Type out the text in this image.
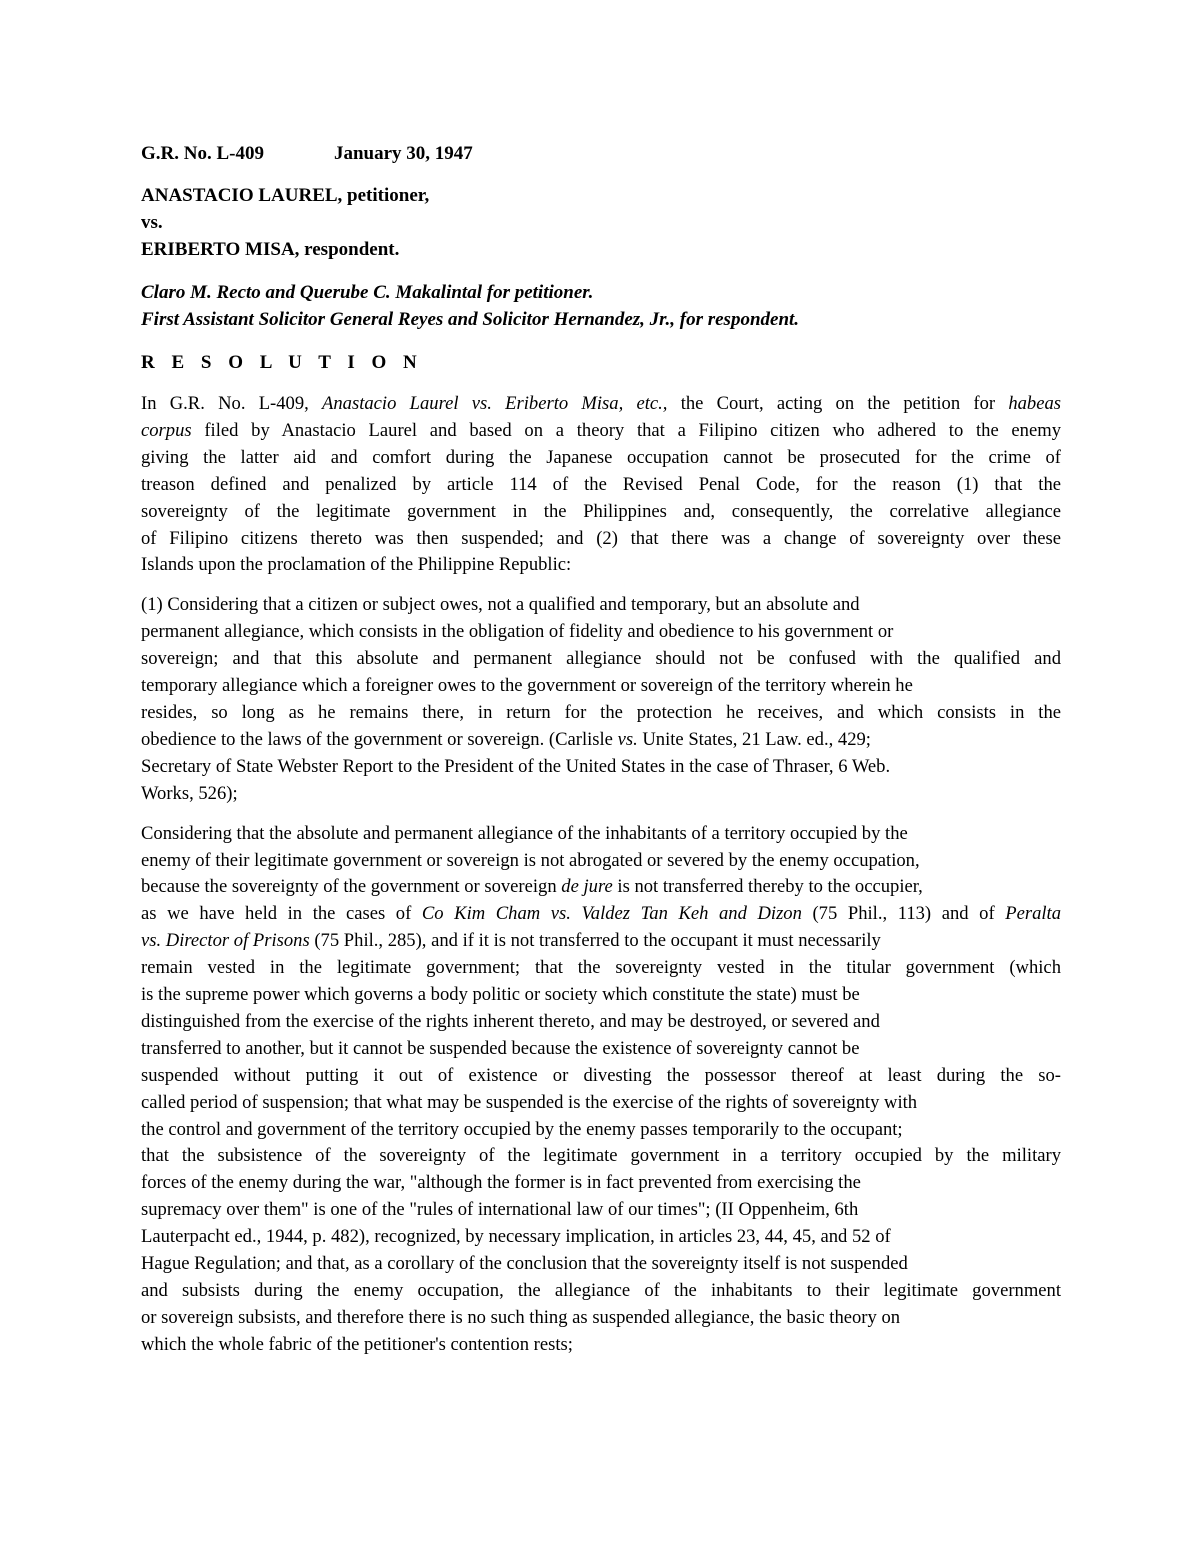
G.R. No. L-409	January 30, 1947
ANASTACIO LAUREL, petitioner,
vs.
ERIBERTO MISA, respondent.
Claro M. Recto and Querube C. Makalintal for petitioner.
First Assistant Solicitor General Reyes and Solicitor Hernandez, Jr., for respondent.
R E S O L U T I O N
In G.R. No. L-409, Anastacio Laurel vs. Eriberto Misa, etc., the Court, acting on the petition for habeas
corpus filed by Anastacio Laurel and based on a theory that a Filipino citizen who adhered to the enemy
giving the latter aid and comfort during the Japanese occupation cannot be prosecuted for the crime of
treason defined and penalized by article 114 of the Revised Penal Code, for the reason (1) that the
sovereignty of the legitimate government in the Philippines and, consequently, the correlative allegiance
of Filipino citizens thereto was then suspended; and (2) that there was a change of sovereignty over these
Islands upon the proclamation of the Philippine Republic:
(1) Considering that a citizen or subject owes, not a qualified and temporary, but an absolute and
permanent allegiance, which consists in the obligation of fidelity and obedience to his government or
sovereign; and that this absolute and permanent allegiance should not be confused with the qualified and
temporary allegiance which a foreigner owes to the government or sovereign of the territory wherein he
resides, so long as he remains there, in return for the protection he receives, and which consists in the
obedience to the laws of the government or sovereign. (Carlisle vs. Unite States, 21 Law. ed., 429;
Secretary of State Webster Report to the President of the United States in the case of Thraser, 6 Web.
Works, 526);
Considering that the absolute and permanent allegiance of the inhabitants of a territory occupied by the
enemy of their legitimate government or sovereign is not abrogated or severed by the enemy occupation,
because the sovereignty of the government or sovereign de jure is not transferred thereby to the occupier,
as we have held in the cases of Co Kim Cham vs. Valdez Tan Keh and Dizon (75 Phil., 113) and of Peralta
vs. Director of Prisons (75 Phil., 285), and if it is not transferred to the occupant it must necessarily
remain vested in the legitimate government; that the sovereignty vested in the titular government (which
is the supreme power which governs a body politic or society which constitute the state) must be
distinguished from the exercise of the rights inherent thereto, and may be destroyed, or severed and
transferred to another, but it cannot be suspended because the existence of sovereignty cannot be
suspended without putting it out of existence or divesting the possessor thereof at least during the so-
called period of suspension; that what may be suspended is the exercise of the rights of sovereignty with
the control and government of the territory occupied by the enemy passes temporarily to the occupant;
that the subsistence of the sovereignty of the legitimate government in a territory occupied by the military
forces of the enemy during the war, "although the former is in fact prevented from exercising the
supremacy over them" is one of the "rules of international law of our times"; (II Oppenheim, 6th
Lauterpacht ed., 1944, p. 482), recognized, by necessary implication, in articles 23, 44, 45, and 52 of
Hague Regulation; and that, as a corollary of the conclusion that the sovereignty itself is not suspended
and subsists during the enemy occupation, the allegiance of the inhabitants to their legitimate government
or sovereign subsists, and therefore there is no such thing as suspended allegiance, the basic theory on
which the whole fabric of the petitioner's contention rests;
